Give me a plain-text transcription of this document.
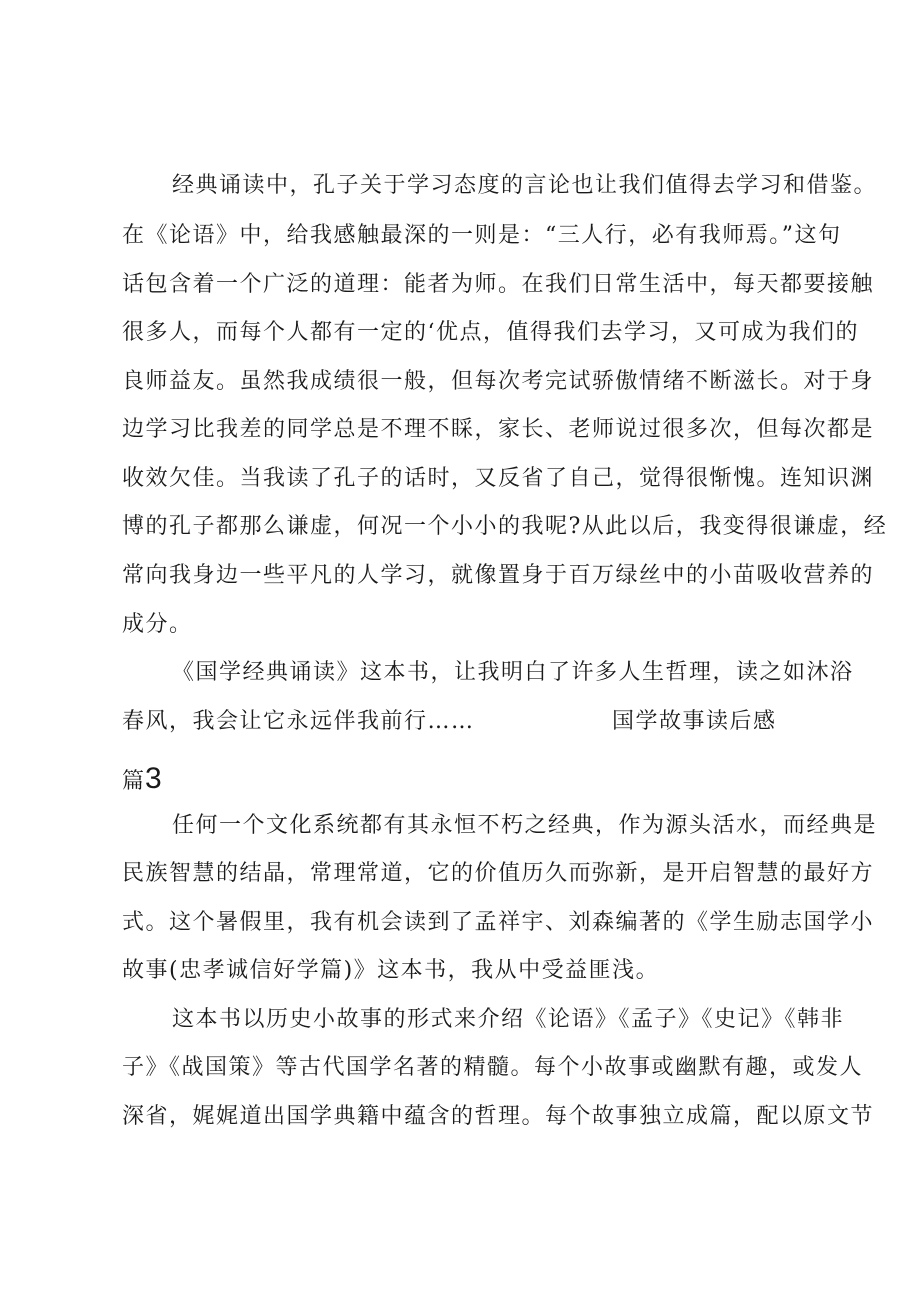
经典诵读中，孔子关于学习态度的言论也让我们值得去学习和借鉴。
在《论语》中，给我感触最深的一则是：“三人行，必有我师焉。”这句
话包含着一个广泛的道理：能者为师。在我们日常生活中，每天都要接触
很多人，而每个人都有一定的‘优点，值得我们去学习，又可成为我们的
良师益友。虽然我成绩很一般，但每次考完试骄傲情绪不断滋长。对于身
边学习比我差的同学总是不理不睬，家长、老师说过很多次，但每次都是
收效欠佳。当我读了孔子的话时，又反省了自己，觉得很惭愧。连知识渊
博的孔子都那么谦虚，何况一个小小的我呢?从此以后，我变得很谦虚，经
常向我身边一些平凡的人学习，就像置身于百万绿丝中的小苗吸收营养的
成分。
《国学经典诵读》这本书，让我明白了许多人生哲理，读之如沐浴
春风，我会让它永远伴我前行……	国学故事读后感
篇3
任何一个文化系统都有其永恒不朽之经典，作为源头活水，而经典是
民族智慧的结晶，常理常道，它的价值历久而弥新，是开启智慧的最好方
式。这个暑假里，我有机会读到了孟祥宇、刘森编著的《学生励志国学小
故事(忠孝诚信好学篇)》这本书，我从中受益匪浅。
这本书以历史小故事的形式来介绍《论语》《孟子》《史记》《韩非
子》《战国策》等古代国学名著的精髓。每个小故事或幽默有趣，或发人
深省，娓娓道出国学典籍中蕴含的哲理。每个故事独立成篇，配以原文节
